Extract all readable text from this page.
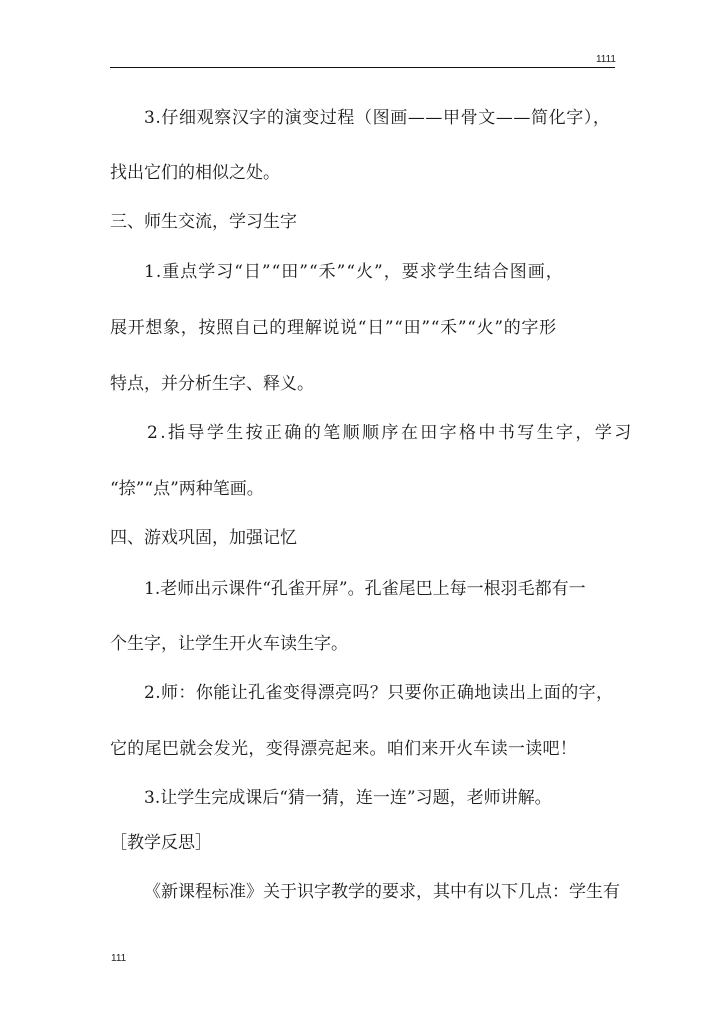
1111
3.仔细观察汉字的演变过程（图画——甲骨文——简化字），
找出它们的相似之处。
三、师生交流，学习生字
1.重点学习“日”“田”“禾”“火”，要求学生结合图画，
展开想象，按照自己的理解说说“日”“田”“禾”“火”的字形
特点，并分析生字、释义。
2.指导学生按正确的笔顺顺序在田字格中书写生字，学习
“捺”“点”两种笔画。
四、游戏巩固，加强记忆
1.老师出示课件“孔雀开屏”。孔雀尾巴上每一根羽毛都有一
个生字，让学生开火车读生字。
2.师：你能让孔雀变得漂亮吗？只要你正确地读出上面的字，
它的尾巴就会发光，变得漂亮起来。咱们来开火车读一读吧！
3.让学生完成课后“猜一猜，连一连”习题，老师讲解。
［教学反思］
《新课程标准》关于识字教学的要求，其中有以下几点：学生有
111
